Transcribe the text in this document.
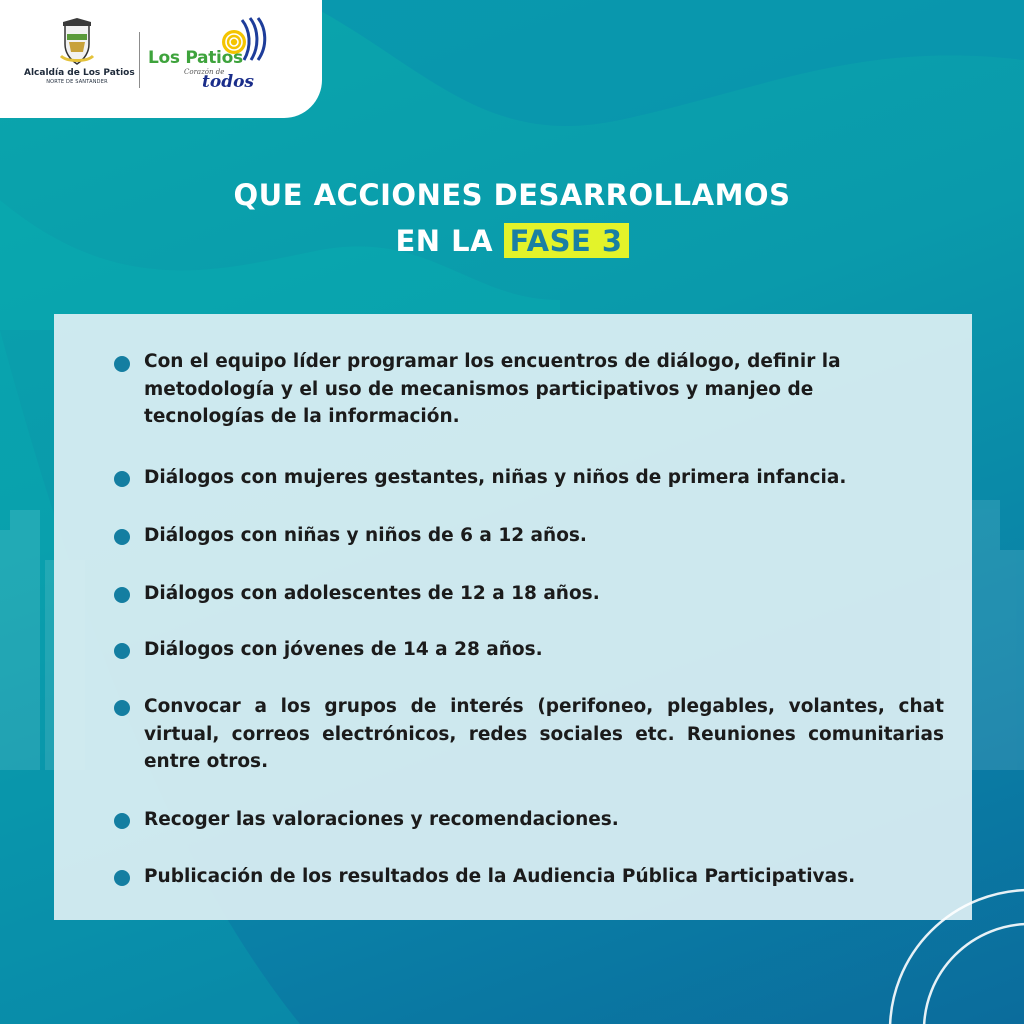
Alcaldía de Los Patios
NORTE DE SANTANDER
Los Patios
Corazón de
todos
QUE ACCIONES DESARROLLAMOS
EN LA FASE 3
Con el equipo líder programar los encuentros de diálogo, definir la metodología y el uso de mecanismos participativos y manjeo de tecnologías de la información.
Diálogos con mujeres gestantes, niñas y niños de primera infancia.
Diálogos con niñas y niños de 6 a 12 años.
Diálogos con adolescentes de 12 a 18 años.
Diálogos con jóvenes de 14 a 28 años.
Convocar a los grupos de interés (perifoneo, plegables, volantes, chat virtual, correos electrónicos, redes sociales etc. Reuniones comunitarias entre otros.
Recoger las valoraciones y recomendaciones.
Publicación de los resultados de la Audiencia Pública Participativas.
